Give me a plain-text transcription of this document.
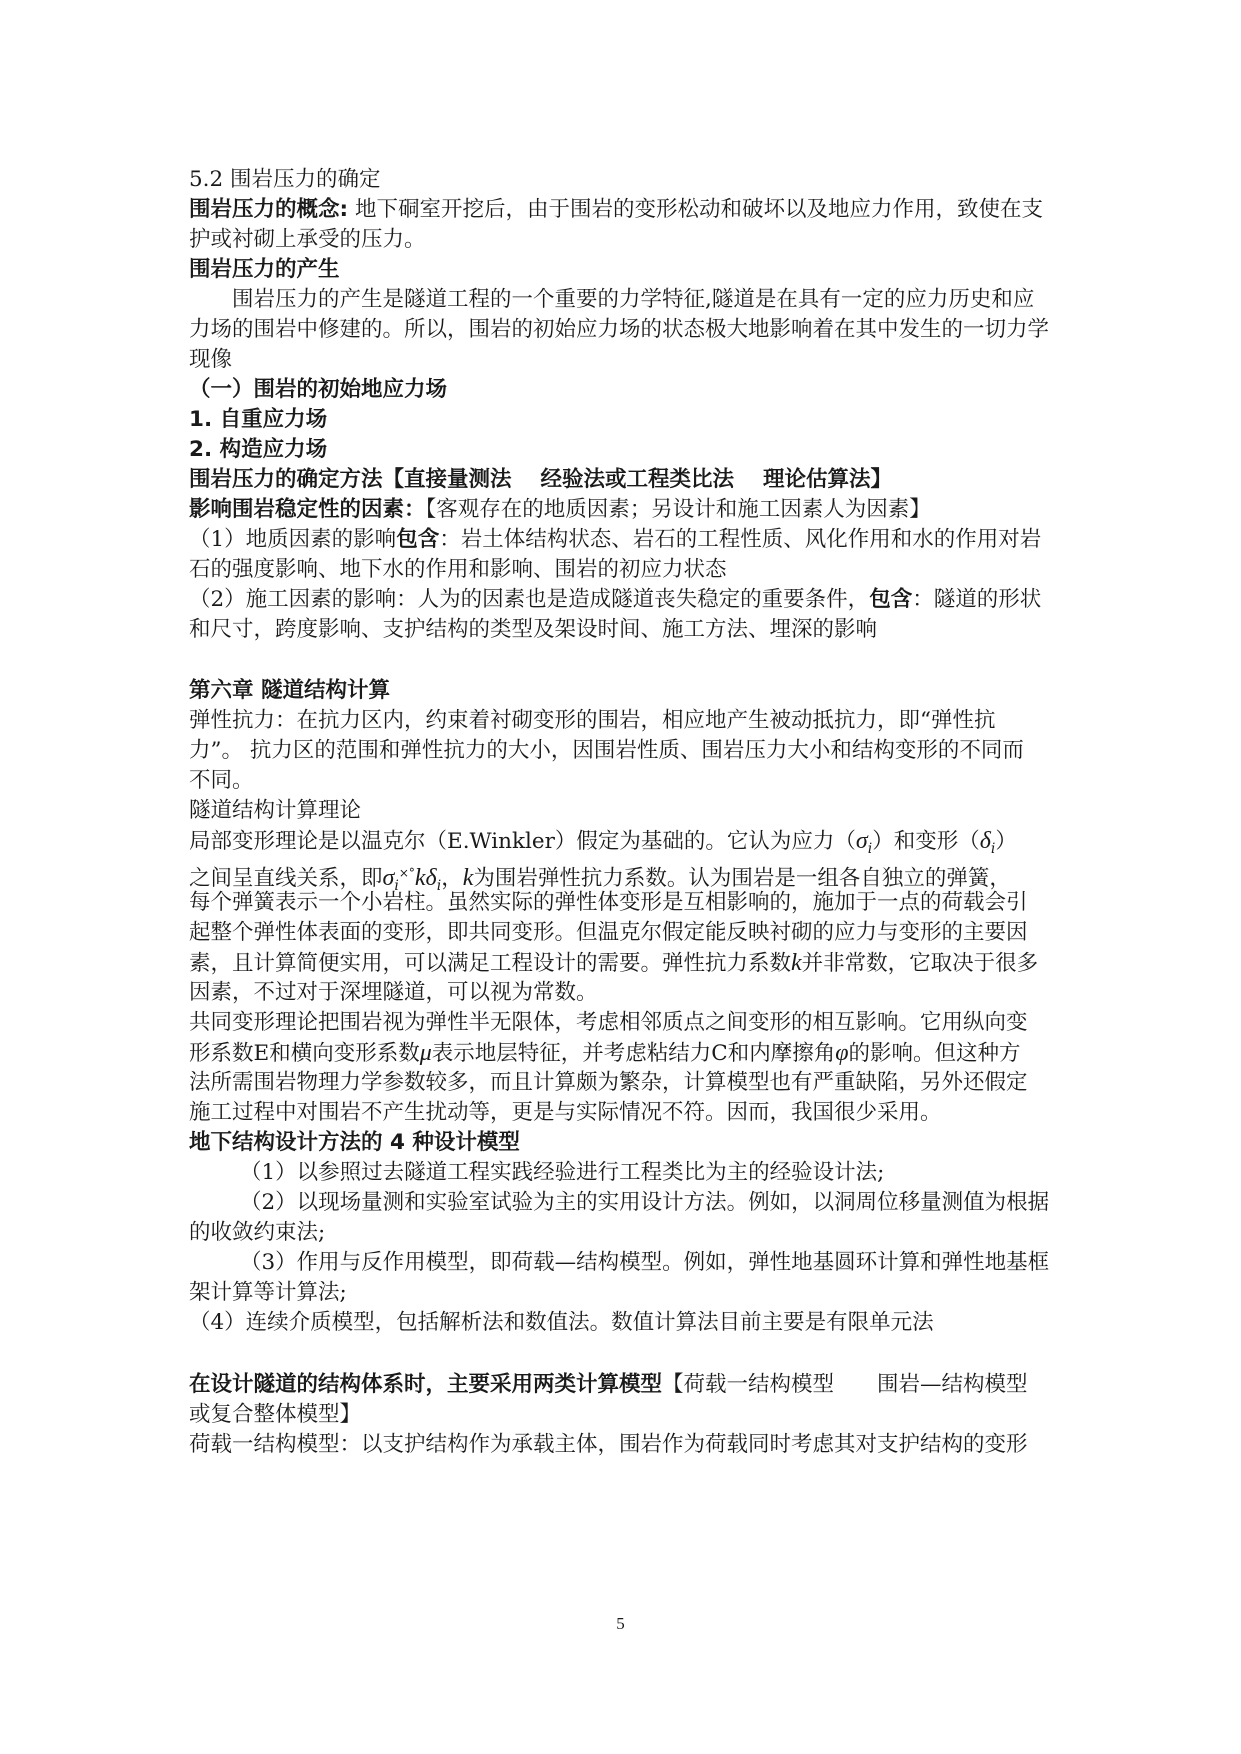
5.2 围岩压力的确定
围岩压力的概念: 地下硐室开挖后，由于围岩的变形松动和破坏以及地应力作用，致使在支
护或衬砌上承受的压力。
围岩压力的产生
围岩压力的产生是隧道工程的一个重要的力学特征,隧道是在具有一定的应力历史和应
力场的围岩中修建的。所以，围岩的初始应力场的状态极大地影响着在其中发生的一切力学
现像
（一）围岩的初始地应力场
1. 自重应力场
2. 构造应力场
围岩压力的确定方法【直接量测法　 经验法或工程类比法　 理论估算法】
影响围岩稳定性的因素：【客观存在的地质因素；另设计和施工因素人为因素】
（1）地质因素的影响包含：岩土体结构状态、岩石的工程性质、风化作用和水的作用对岩
石的强度影响、地下水的作用和影响、围岩的初应力状态
（2）施工因素的影响：人为的因素也是造成隧道丧失稳定的重要条件，包含：隧道的形状
和尺寸，跨度影响、支护结构的类型及架设时间、施工方法、埋深的影响
第六章 隧道结构计算
弹性抗力：在抗力区内，约束着衬砌变形的围岩，相应地产生被动抵抗力，即“弹性抗
力”。 抗力区的范围和弹性抗力的大小，因围岩性质、围岩压力大小和结构变形的不同而
不同。
隧道结构计算理论
局部变形理论是以温克尔（E.Winkler）假定为基础的。它认为应力$(\sigma_i)$和变形$(\delta_i)$
之间呈直线关系，即$\sigma_i^{\times^\circ}k\delta_i$，k为围岩弹性抗力系数。认为围岩是一组各自独立的弹簧，
每个弹簧表示一个小岩柱。虽然实际的弹性体变形是互相影响的，施加于一点的荷载会引
起整个弹性体表面的变形，即共同变形。但温克尔假定能反映衬砌的应力与变形的主要因
素，且计算简便实用，可以满足工程设计的需要。弹性抗力系数k并非常数，它取决于很多
因素，不过对于深埋隧道，可以视为常数。
共同变形理论把围岩视为弹性半无限体，考虑相邻质点之间变形的相互影响。它用纵向变
形系数E和横向变形系数μ表示地层特征，并考虑粘结力C和内摩擦角φ的影响。但这种方
法所需围岩物理力学参数较多，而且计算颇为繁杂，计算模型也有严重缺陷，另外还假定
施工过程中对围岩不产生扰动等，更是与实际情况不符。因而，我国很少采用。
地下结构设计方法的 4 种设计模型
（1）以参照过去隧道工程实践经验进行工程类比为主的经验设计法;
（2）以现场量测和实验室试验为主的实用设计方法。例如，以洞周位移量测值为根据
的收敛约束法;
（3）作用与反作用模型，即荷载—结构模型。例如，弹性地基圆环计算和弹性地基框
架计算等计算法;
（4）连续介质模型，包括解析法和数值法。数值计算法目前主要是有限单元法
在设计隧道的结构体系时，主要采用两类计算模型【荷载一结构模型　　围岩—结构模型
或复合整体模型】
荷载一结构模型：以支护结构作为承载主体，围岩作为荷载同时考虑其对支护结构的变形
5
